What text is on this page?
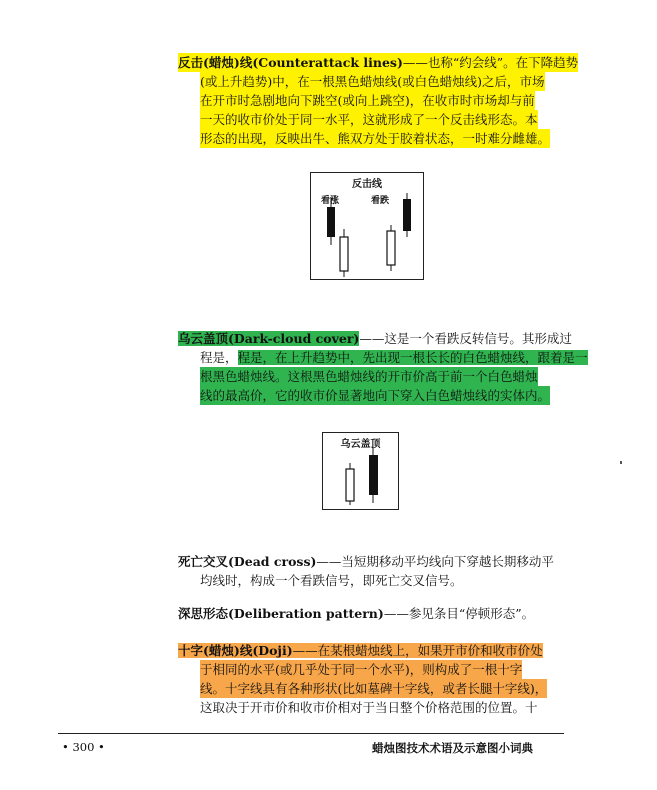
反击(蜡烛)线(Counterattack lines)——也称“约会线”。在下降趋势
(或上升趋势)中，在一根黑色蜡烛线(或白色蜡烛线)之后，市场
在开市时急剧地向下跳空(或向上跳空)，在收市时市场却与前
一天的收市价处于同一水平，这就形成了一个反击线形态。本
形态的出现，反映出牛、熊双方处于胶着状态，一时难分雌雄。
反击线
看涨	看跌
乌云盖顶(Dark-cloud cover)——这是一个看跌反转信号。其形成过
程是，程是，在上升趋势中，先出现一根长长的白色蜡烛线，跟着是一
根黑色蜡烛线。这根黑色蜡烛线的开市价高于前一个白色蜡烛
线的最高价，它的收市价显著地向下穿入白色蜡烛线的实体内。
乌云盖顶
死亡交叉(Dead cross)——当短期移动平均线向下穿越长期移动平
均线时，构成一个看跌信号，即死亡交叉信号。
深思形态(Deliberation pattern)——参见条目“停顿形态”。
十字(蜡烛)线(Doji)——在某根蜡烛线上，如果开市价和收市价处
于相同的水平(或几乎处于同一个水平)，则构成了一根十字
线。十字线具有各种形状(比如墓碑十字线，或者长腿十字线)，
这取决于开市价和收市价相对于当日整个价格范围的位置。十
• 300 •	蜡烛图技术术语及示意图小词典
